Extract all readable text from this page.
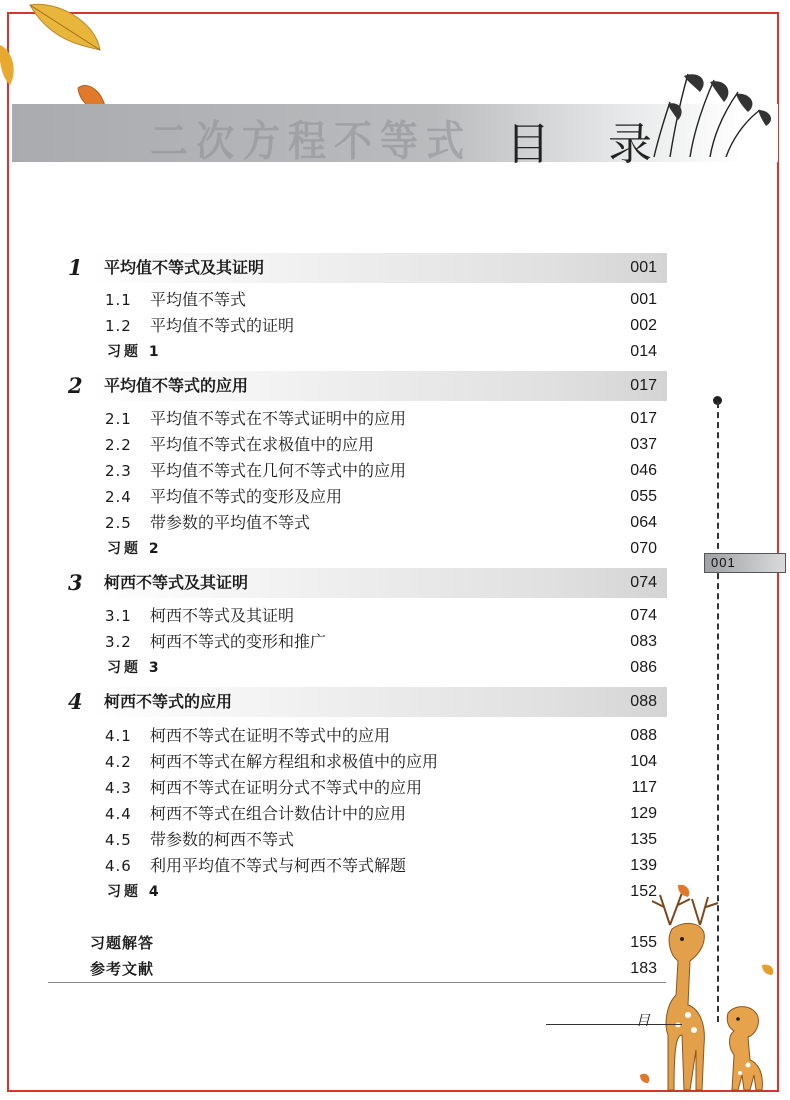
二次方程不等式 目 录
1 平均值不等式及其证明	001
1.1 平均值不等式	001
1.2 平均值不等式的证明	002
习题 1	014
2 平均值不等式的应用	017
2.1 平均值不等式在不等式证明中的应用	017
2.2 平均值不等式在求极值中的应用	037
2.3 平均值不等式在几何不等式中的应用	046
2.4 平均值不等式的变形及应用	055
2.5 带参数的平均值不等式	064
习题 2	070
3 柯西不等式及其证明	074
3.1 柯西不等式及其证明	074
3.2 柯西不等式的变形和推广	083
习题 3	086
4 柯西不等式的应用	088
4.1 柯西不等式在证明不等式中的应用	088
4.2 柯西不等式在解方程组和求极值中的应用	104
4.3 柯西不等式在证明分式不等式中的应用	117
4.4 柯西不等式在组合计数估计中的应用	129
4.5 带参数的柯西不等式	135
4.6 利用平均值不等式与柯西不等式解题	139
习题 4	152
习题解答	155
参考文献	183
001
目
